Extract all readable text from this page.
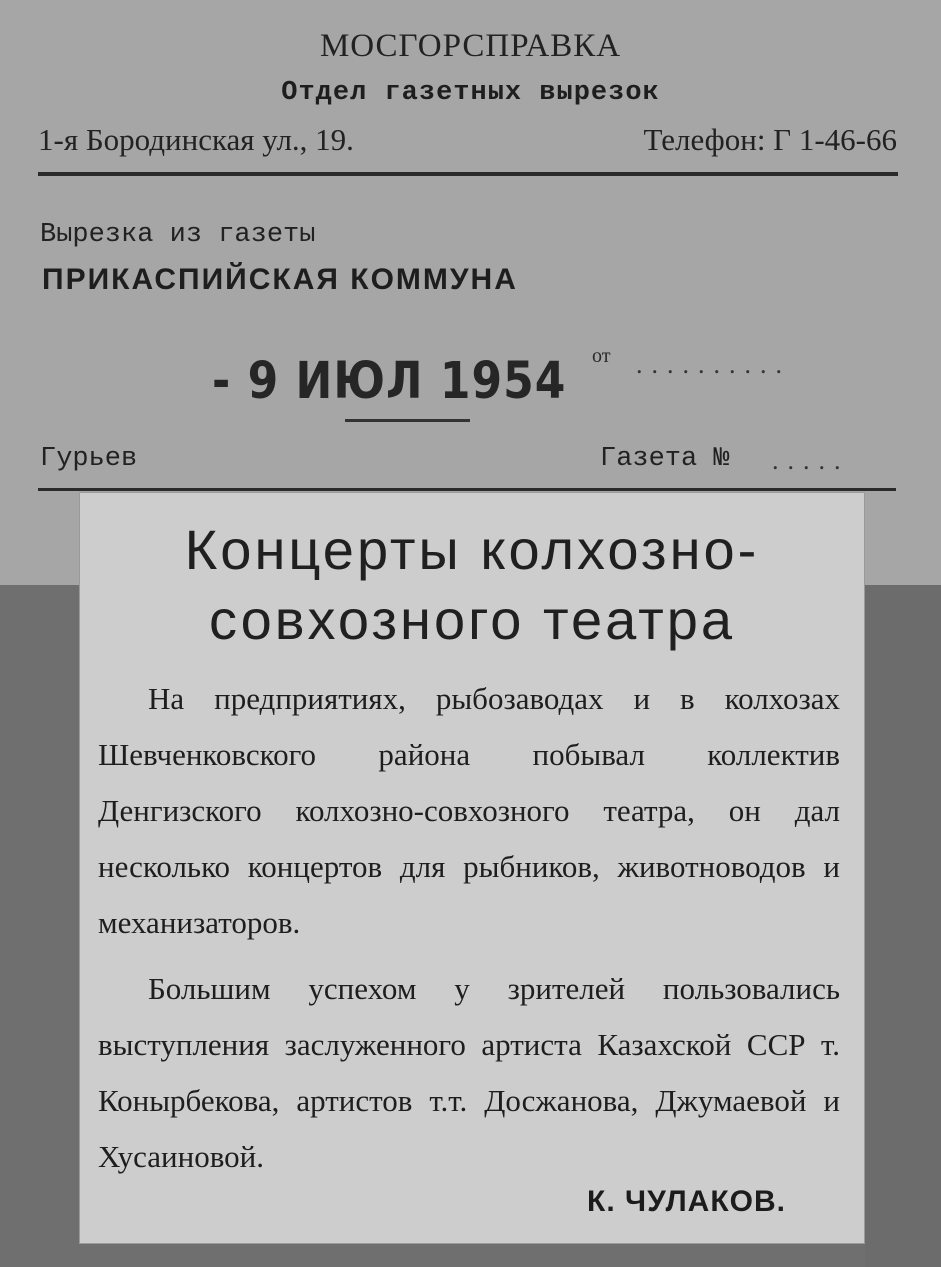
МОСГОРСПРАВКА
Отдел газетных вырезок
1-я Бородинская ул., 19.	Телефон: Г 1-46-66
Вырезка из газеты
ПРИКАСПИЙСКАЯ КОММУНА
- 9 ИЮЛ 1954 от ..........
Гурьев	Газета № .....
Концерты колхозно-
совхозного театра

На предприятиях, рыбозаводах и в колхозах Шевченковского района побывал коллектив Денгизского колхозно-совхозного театра, он дал несколько концертов для рыбников, животноводов и механизаторов.

Большим успехом у зрителей пользовались выступления заслуженного артиста Казахской ССР т. Конырбекова, артистов т.т. Досжанова, Джумаевой и Хусаиновой.

К. ЧУЛАКОВ.
